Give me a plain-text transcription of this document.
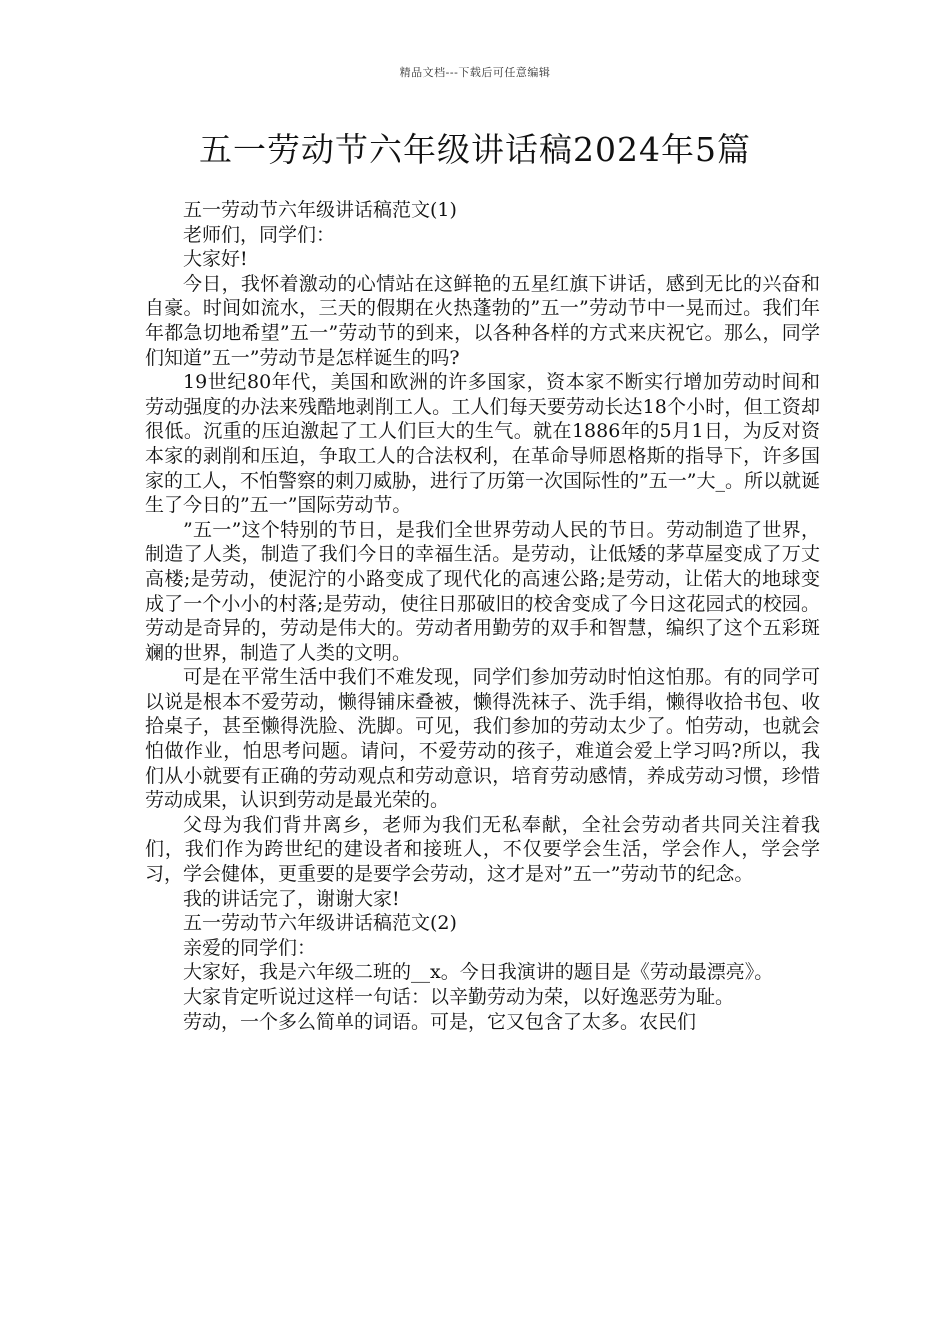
精品文档---下载后可任意编辑
五一劳动节六年级讲话稿2024年5篇

五一劳动节六年级讲话稿范文(1)

老师们，同学们：

大家好!

今日，我怀着激动的心情站在这鲜艳的五星红旗下讲话，感到无比的兴奋和自豪。时间如流水，三天的假期在火热蓬勃的”五一”劳动节中一晃而过。我们年年都急切地希望”五一”劳动节的到来，以各种各样的方式来庆祝它。那么，同学们知道”五一”劳动节是怎样诞生的吗?

19世纪80年代，美国和欧洲的许多国家，资本家不断实行增加劳动时间和劳动强度的办法来残酷地剥削工人。工人们每天要劳动长达18个小时，但工资却很低。沉重的压迫激起了工人们巨大的生气。就在1886年的5月1日，为反对资本家的剥削和压迫，争取工人的合法权利，在革命导师恩格斯的指导下，许多国家的工人，不怕警察的刺刀威胁，进行了历第一次国际性的”五一”大_。所以就诞生了今日的”五一”国际劳动节。

”五一”这个特别的节日，是我们全世界劳动人民的节日。劳动制造了世界，制造了人类，制造了我们今日的幸福生活。是劳动，让低矮的茅草屋变成了万丈高楼;是劳动，使泥泞的小路变成了现代化的高速公路;是劳动，让偌大的地球变成了一个小小的村落;是劳动，使往日那破旧的校舍变成了今日这花园式的校园。劳动是奇异的，劳动是伟大的。劳动者用勤劳的双手和智慧，编织了这个五彩斑斓的世界，制造了人类的文明。

可是在平常生活中我们不难发现，同学们参加劳动时怕这怕那。有的同学可以说是根本不爱劳动，懒得铺床叠被，懒得洗袜子、洗手绢，懒得收拾书包、收拾桌子，甚至懒得洗脸、洗脚。可见，我们参加的劳动太少了。怕劳动，也就会怕做作业，怕思考问题。请问，不爱劳动的孩子，难道会爱上学习吗?所以，我们从小就要有正确的劳动观点和劳动意识，培育劳动感情，养成劳动习惯，珍惜劳动成果，认识到劳动是最光荣的。

父母为我们背井离乡，老师为我们无私奉献，全社会劳动者共同关注着我们，我们作为跨世纪的建设者和接班人，不仅要学会生活，学会作人，学会学习，学会健体，更重要的是要学会劳动，这才是对”五一”劳动节的纪念。

我的讲话完了，谢谢大家!

五一劳动节六年级讲话稿范文(2)

亲爱的同学们：

大家好，我是六年级二班的__x。今日我演讲的题目是《劳动最漂亮》。

大家肯定听说过这样一句话：以辛勤劳动为荣，以好逸恶劳为耻。

劳动，一个多么简单的词语。可是，它又包含了太多。农民们
